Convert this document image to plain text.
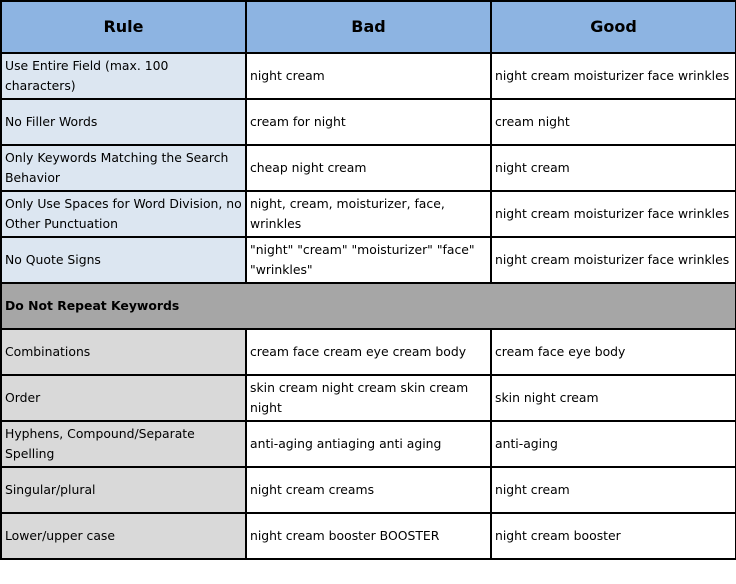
Rule	Bad	Good
Use Entire Field (max. 100 characters)	night cream	night cream moisturizer face wrinkles
No Filler Words	cream for night	cream night
Only Keywords Matching the Search Behavior	cheap night cream	night cream
Only Use Spaces for Word Division, no Other Punctuation	night, cream, moisturizer, face, wrinkles	night cream moisturizer face wrinkles
No Quote Signs	"night" "cream" "moisturizer" "face" "wrinkles"	night cream moisturizer face wrinkles
Do Not Repeat Keywords		
Combinations	cream face cream eye cream body	cream face eye body
Order	skin cream night cream skin cream night	skin night cream
Hyphens, Compound/Separate Spelling	anti-aging antiaging anti aging	anti-aging
Singular/plural	night cream creams	night cream
Lower/upper case	night cream booster BOOSTER	night cream booster
